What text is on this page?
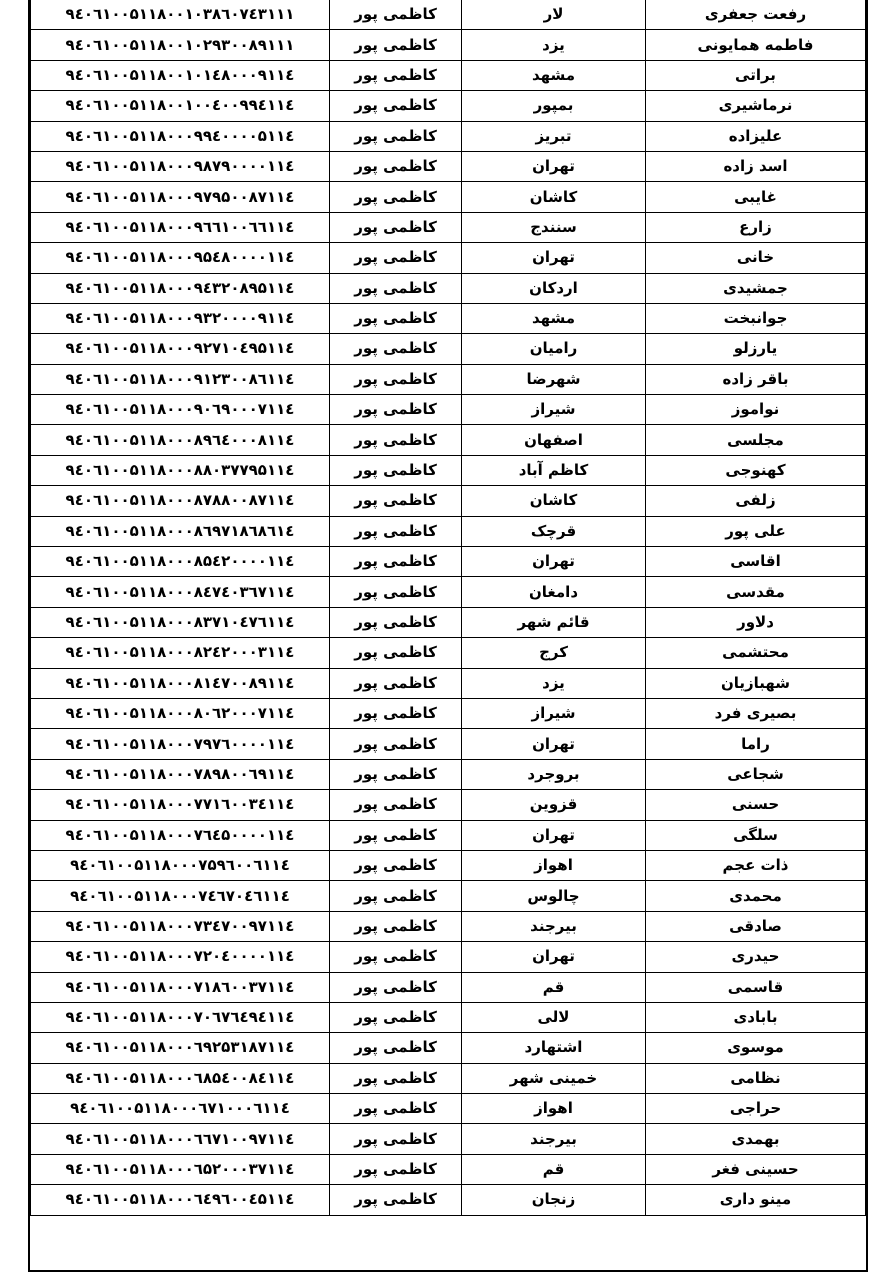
رفعت جعفری	لار	کاظمی پور	۹٤۰٦۱۰۰۵۱۱۸۰۰۱۰۳۸٦۰۷٤۳۱۱۱
فاطمه همایونی	یزد	کاظمی پور	۹٤۰٦۱۰۰۵۱۱۸۰۰۱۰۲۹۳۰۰۸۹۱۱۱
براتی	مشهد	کاظمی پور	۹٤۰٦۱۰۰۵۱۱۸۰۰۱۰۱٤۸۰۰۰۹۱۱٤
نرماشیری	بمپور	کاظمی پور	۹٤۰٦۱۰۰۵۱۱۸۰۰۱۰۰٤۰۰۹۹٤۱۱٤
علیزاده	تبریز	کاظمی پور	۹٤۰٦۱۰۰۵۱۱۸۰۰۰۹۹٤۰۰۰۰۵۱۱٤
اسد زاده	تهران	کاظمی پور	۹٤۰٦۱۰۰۵۱۱۸۰۰۰۹۸۷۹۰۰۰۰۱۱٤
غایبی	کاشان	کاظمی پور	۹٤۰٦۱۰۰۵۱۱۸۰۰۰۹۷۹۵۰۰۸۷۱۱٤
زارع	سنندج	کاظمی پور	۹٤۰٦۱۰۰۵۱۱۸۰۰۰۹٦٦۱۰۰٦٦۱۱٤
خانی	تهران	کاظمی پور	۹٤۰٦۱۰۰۵۱۱۸۰۰۰۹۵٤۸۰۰۰۰۱۱٤
جمشیدی	اردکان	کاظمی پور	۹٤۰٦۱۰۰۵۱۱۸۰۰۰۹٤۳۲۰۸۹۵۱۱٤
جوانبخت	مشهد	کاظمی پور	۹٤۰٦۱۰۰۵۱۱۸۰۰۰۹۳۲۰۰۰۰۹۱۱٤
یارزلو	رامیان	کاظمی پور	۹٤۰٦۱۰۰۵۱۱۸۰۰۰۹۲۷۱۰٤۹۵۱۱٤
باقر زاده	شهرضا	کاظمی پور	۹٤۰٦۱۰۰۵۱۱۸۰۰۰۹۱۲۳۰۰۸٦۱۱٤
نواموز	شیراز	کاظمی پور	۹٤۰٦۱۰۰۵۱۱۸۰۰۰۹۰٦۹۰۰۰۷۱۱٤
مجلسی	اصفهان	کاظمی پور	۹٤۰٦۱۰۰۵۱۱۸۰۰۰۸۹٦٤۰۰۰۸۱۱٤
کهنوجی	کاظم آباد	کاظمی پور	۹٤۰٦۱۰۰۵۱۱۸۰۰۰۸۸۰۳۷۷۹۵۱۱٤
زلفی	کاشان	کاظمی پور	۹٤۰٦۱۰۰۵۱۱۸۰۰۰۸۷۸۸۰۰۸۷۱۱٤
علی پور	قرچک	کاظمی پور	۹٤۰٦۱۰۰۵۱۱۸۰۰۰۸٦۹۷۱۸٦۸٦۱٤
اقاسی	تهران	کاظمی پور	۹٤۰٦۱۰۰۵۱۱۸۰۰۰۸۵٤۲۰۰۰۰۱۱٤
مقدسی	دامغان	کاظمی پور	۹٤۰٦۱۰۰۵۱۱۸۰۰۰۸٤۷٤۰۳٦۷۱۱٤
دلاور	قائم شهر	کاظمی پور	۹٤۰٦۱۰۰۵۱۱۸۰۰۰۸۳۷۱۰٤۷٦۱۱٤
محتشمی	کرج	کاظمی پور	۹٤۰٦۱۰۰۵۱۱۸۰۰۰۸۲٤۲۰۰۰۳۱۱٤
شهبازیان	یزد	کاظمی پور	۹٤۰٦۱۰۰۵۱۱۸۰۰۰۸۱٤۷۰۰۸۹۱۱٤
بصیری فرد	شیراز	کاظمی پور	۹٤۰٦۱۰۰۵۱۱۸۰۰۰۸۰٦۲۰۰۰۷۱۱٤
راما	تهران	کاظمی پور	۹٤۰٦۱۰۰۵۱۱۸۰۰۰۷۹۷٦۰۰۰۰۱۱٤
شجاعی	بروجرد	کاظمی پور	۹٤۰٦۱۰۰۵۱۱۸۰۰۰۷۸۹۸۰۰٦۹۱۱٤
حسنی	قزوین	کاظمی پور	۹٤۰٦۱۰۰۵۱۱۸۰۰۰۷۷۱٦۰۰۳٤۱۱٤
سلگی	تهران	کاظمی پور	۹٤۰٦۱۰۰۵۱۱۸۰۰۰۷٦٤۵۰۰۰۰۱۱٤
ذات عجم	اهواز	کاظمی پور	۹٤۰٦۱۰۰۵۱۱۸۰۰۰۷۵۹٦۰۰٦۱۱٤
محمدی	چالوس	کاظمی پور	۹٤۰٦۱۰۰۵۱۱۸۰۰۰۷٤٦۷۰٤٦۱۱٤
صادقی	بیرجند	کاظمی پور	۹٤۰٦۱۰۰۵۱۱۸۰۰۰۷۳٤۷۰۰۹۷۱۱٤
حیدری	تهران	کاظمی پور	۹٤۰٦۱۰۰۵۱۱۸۰۰۰۷۲۰٤۰۰۰۰۱۱٤
قاسمی	قم	کاظمی پور	۹٤۰٦۱۰۰۵۱۱۸۰۰۰۷۱۸٦۰۰۳۷۱۱٤
بابادی	لالی	کاظمی پور	۹٤۰٦۱۰۰۵۱۱۸۰۰۰۷۰٦۷٦٤۹٤۱۱٤
موسوی	اشتهارد	کاظمی پور	۹٤۰٦۱۰۰۵۱۱۸۰۰۰٦۹۲۵۳۱۸۷۱۱٤
نظامی	خمینی شهر	کاظمی پور	۹٤۰٦۱۰۰۵۱۱۸۰۰۰٦۸۵٤۰۰۸٤۱۱٤
حراجی	اهواز	کاظمی پور	۹٤۰٦۱۰۰۵۱۱۸۰۰۰٦۷۱۰۰۰٦۱۱٤
بهمدی	بیرجند	کاظمی پور	۹٤۰٦۱۰۰۵۱۱۸۰۰۰٦٦۷۱۰۰۹۷۱۱٤
حسینی فغر	قم	کاظمی پور	۹٤۰٦۱۰۰۵۱۱۸۰۰۰٦۵۲۰۰۰۳۷۱۱٤
مینو داری	زنجان	کاظمی پور	۹٤۰٦۱۰۰۵۱۱۸۰۰۰٦٤۹٦۰۰٤۵۱۱٤
